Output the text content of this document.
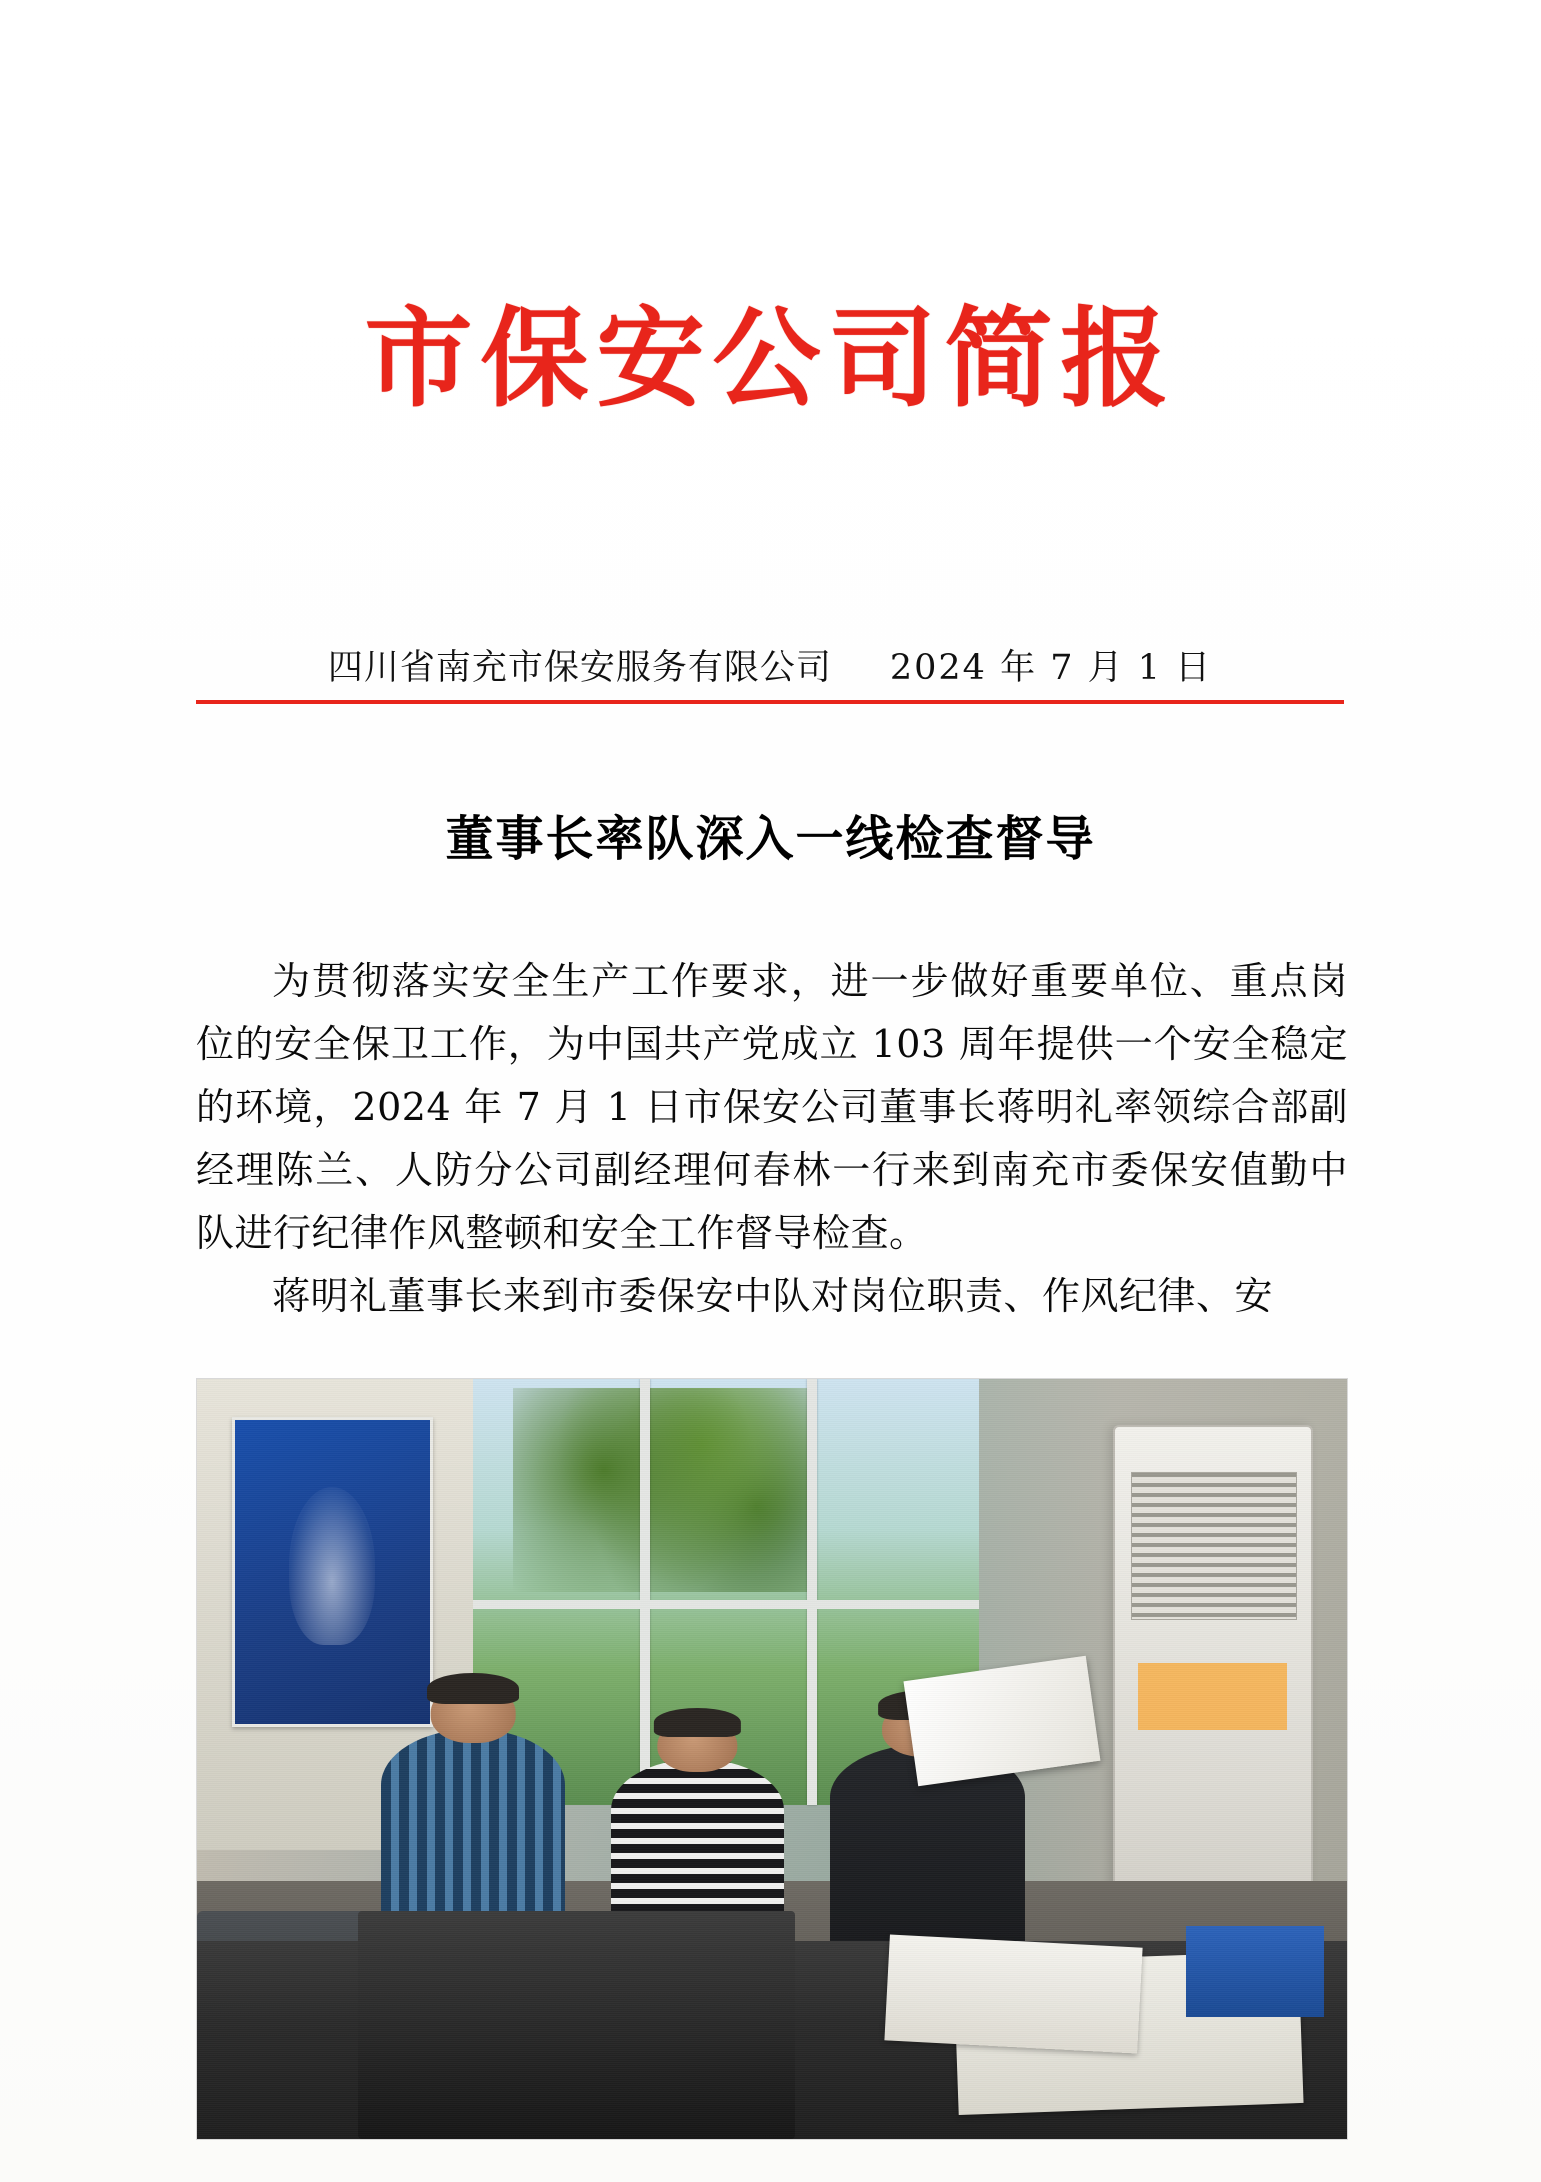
市保安公司简报
四川省南充市保安服务有限公司 2024 年 7 月 1 日
董事长率队深入一线检查督导

为贯彻落实安全生产工作要求，进一步做好重要单位、重点岗位的安全保卫工作，为中国共产党成立 103 周年提供一个安全稳定的环境，2024 年 7 月 1 日市保安公司董事长蒋明礼率领综合部副经理陈兰、人防分公司副经理何春林一行来到南充市委保安值勤中队进行纪律作风整顿和安全工作督导检查。

蒋明礼董事长来到市委保安中队对岗位职责、作风纪律、安
